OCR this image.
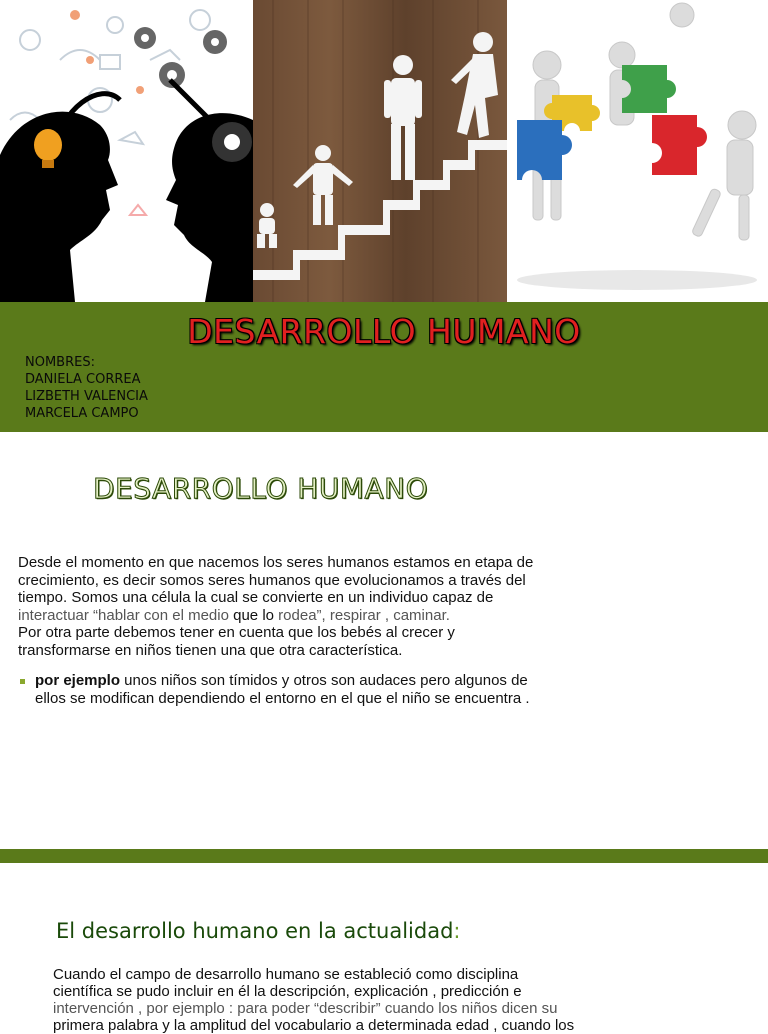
DESARROLLO HUMANO
NOMBRES:
DANIELA CORREA
LIZBETH VALENCIA
MARCELA CAMPO
DESARROLLO HUMANO

Desde el momento en que nacemos los seres humanos estamos en etapa de

crecimiento, es decir somos seres humanos que evolucionamos a través del

tiempo. Somos una célula la cual se convierte en un individuo capaz de

interactuar “hablar con el medio que lo rodea”, respirar , caminar.

Por otra parte debemos tener en cuenta que los bebés al crecer y

transformarse en niños tienen una que otra característica.

por ejemplo unos niños son tímidos y otros son audaces pero algunos de
ellos se modifican dependiendo el entorno en el que el niño se encuentra .
El desarrollo humano en la actualidad:

Cuando el campo de desarrollo humano se estableció como disciplina

científica se pudo incluir en él la descripción, explicación , predicción e

intervención , por ejemplo : para poder “describir” cuando los niños dicen su

primera palabra y la amplitud del vocabulario a determinada edad , cuando los
